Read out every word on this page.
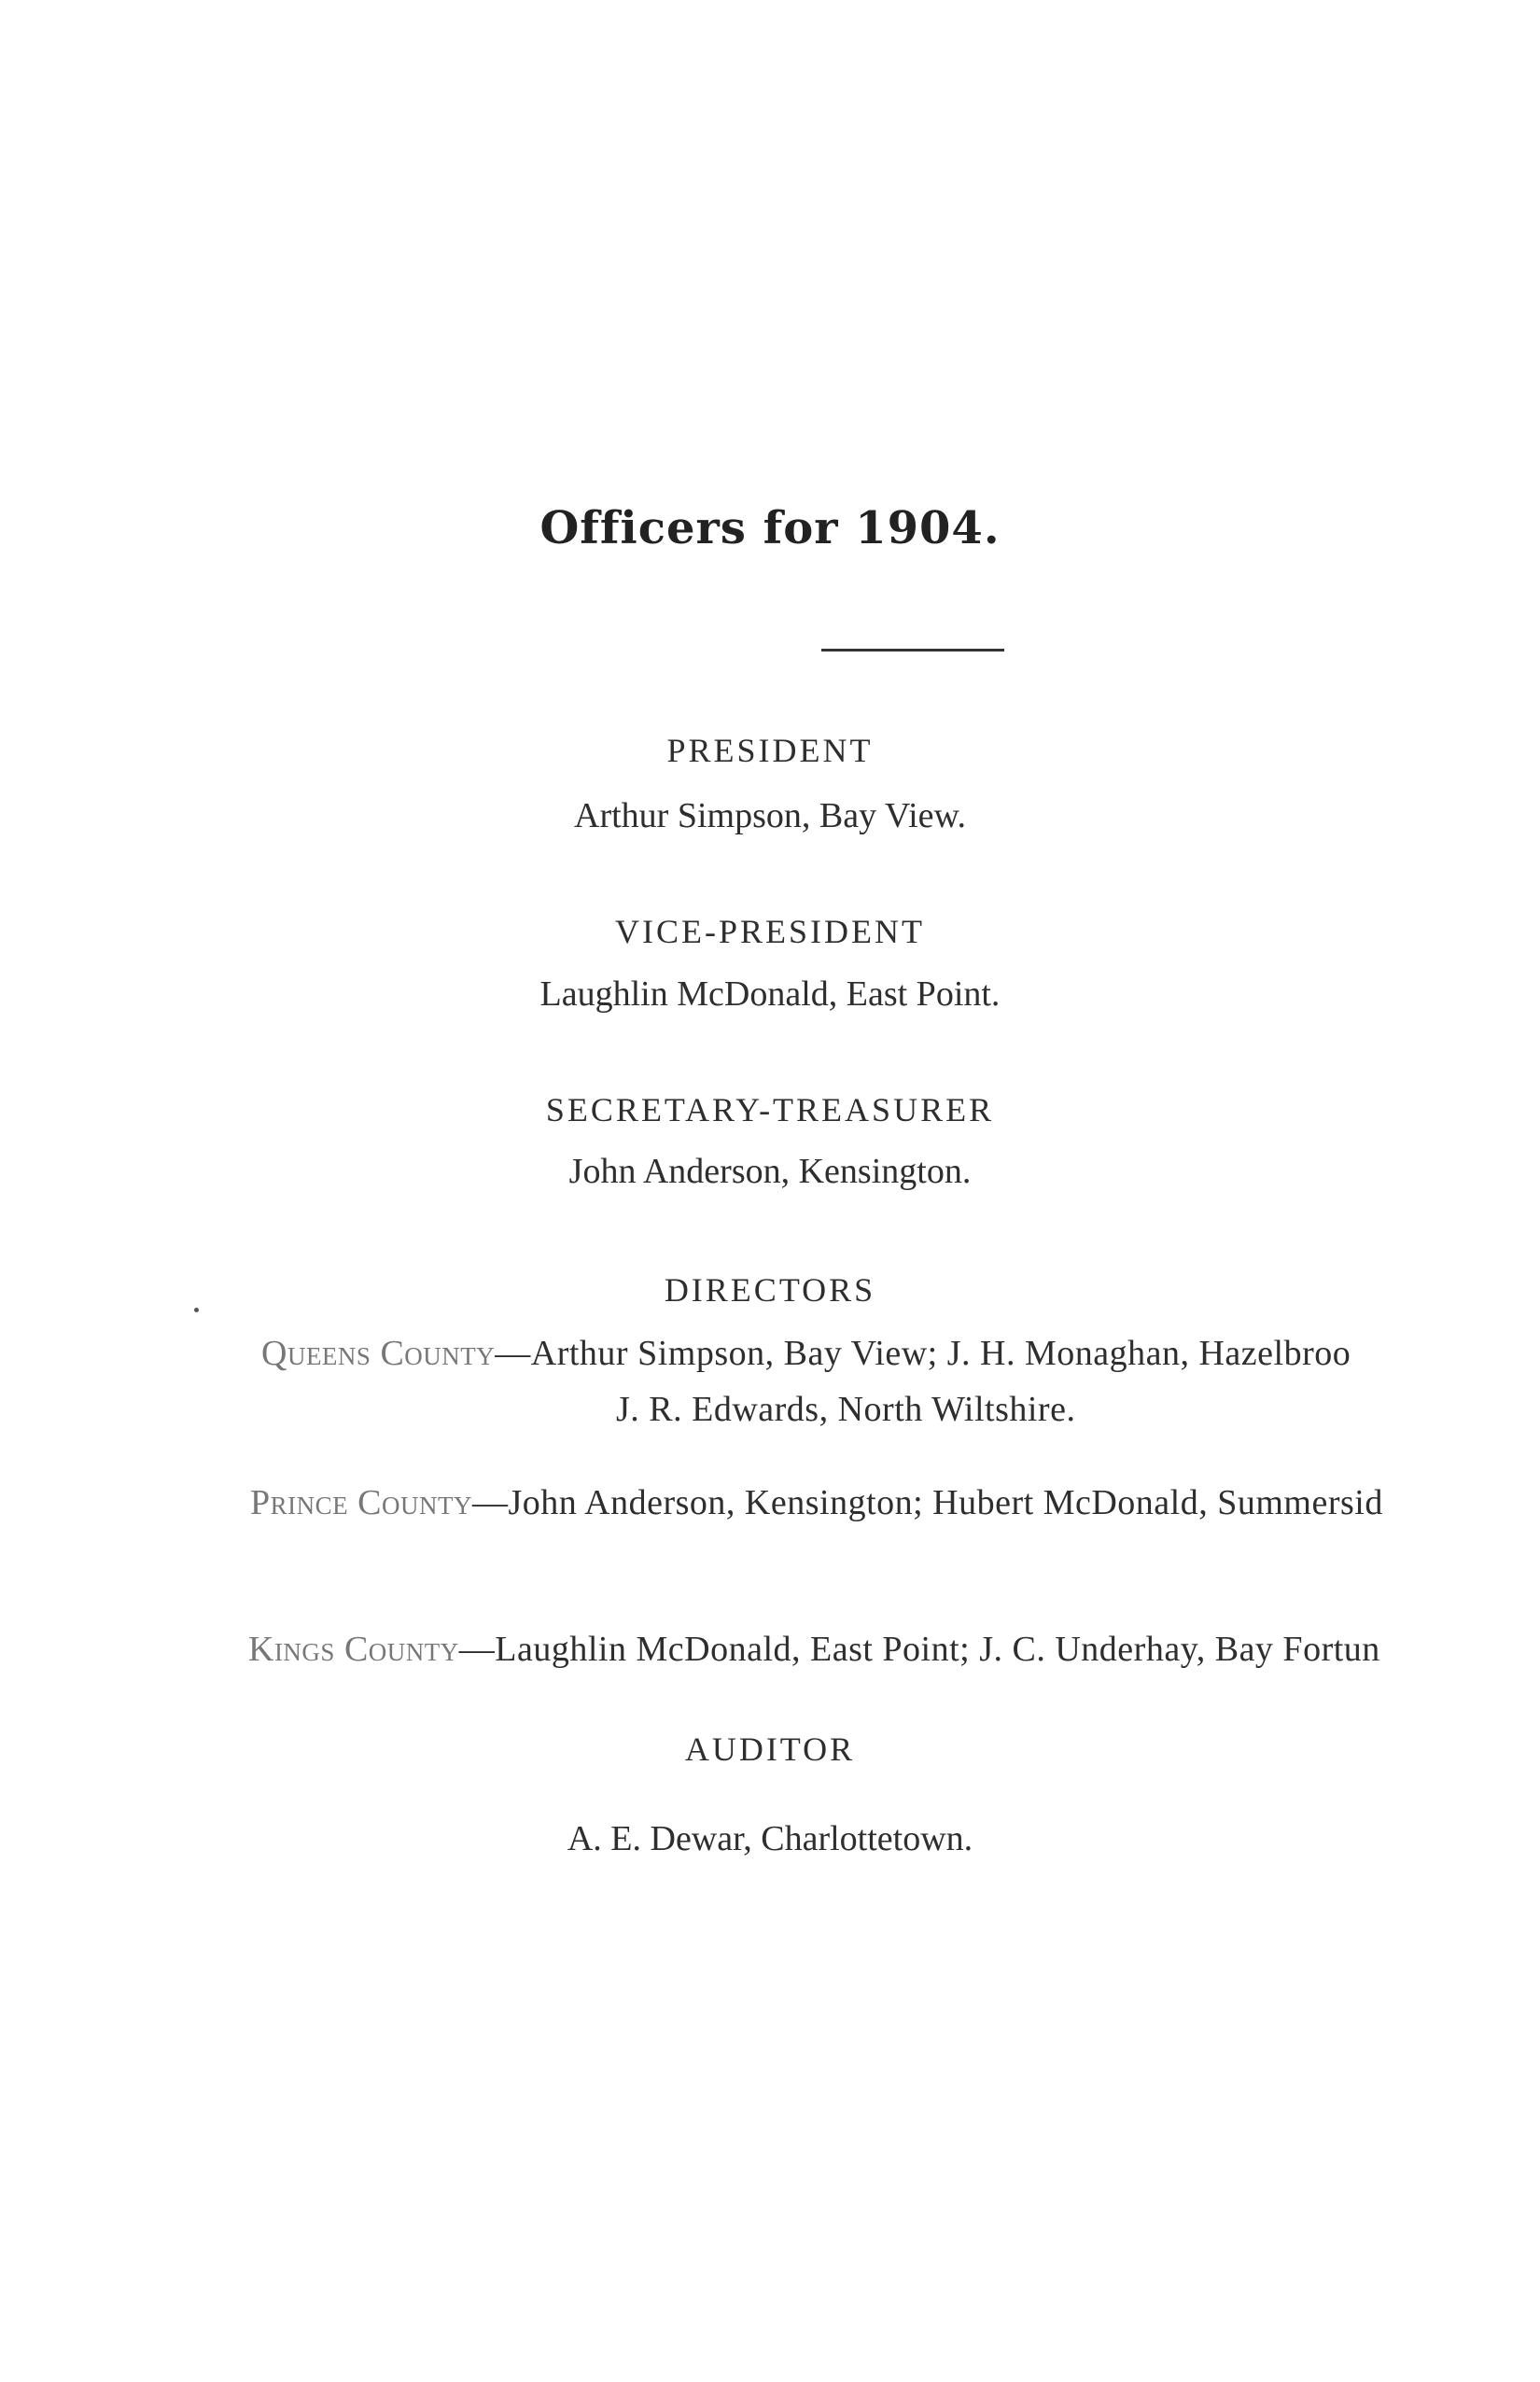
Officers for 1904.
PRESIDENT
Arthur Simpson, Bay View.
VICE-PRESIDENT
Laughlin McDonald, East Point.
SECRETARY-TREASURER
John Anderson, Kensington.
DIRECTORS
Queens County—Arthur Simpson, Bay View; J. H. Monaghan, Hazelbroo
J. R. Edwards, North Wiltshire.
Prince County—John Anderson, Kensington; Hubert McDonald, Summersid
Kings County—Laughlin McDonald, East Point; J. C. Underhay, Bay Fortun
AUDITOR
A. E. Dewar, Charlottetown.
